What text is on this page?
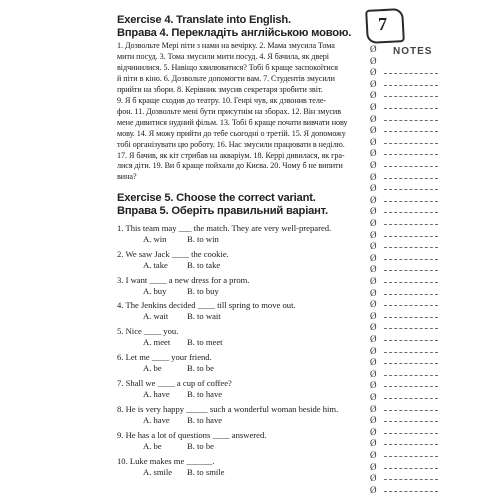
Exercise 4. Translate into English.
Вправа 4. Перекладіть англійською мовою.
1. Дозвольте Мері піти з нами на вечірку. 2. Мама змусила Тома
мити посуд. 3. Тома змусили мити посуд. 4. Я бачила, як двері
відчинилися. 5. Навіщо хвилюватися? Тобі б краще заспокоїтися
й піти в кіно. 6. Дозвольте допомогти вам. 7. Студентів змусили
прийти на збори. 8. Керівник змусив секретаря зробити звіт.
9. Я б краще сходив до театру. 10. Генрі чув, як дзвонив теле-
фон. 11. Дозвольте мені бути присутнім на зборах. 12. Він змусив
мене дивитися нудний фільм. 13. Тобі б краще почати вивчати нову
мову. 14. Я можу прийти до тебе сьогодні о третій. 15. Я допоможу
тобі організувати цю роботу. 16. Нас змусили працювати в неділю.
17. Я бачив, як кіт стрибав на акваріум. 18. Керрі дивилася, як гра-
лися діти. 19. Ви б краще пойхали до Києва. 20. Чому б не випити
вина?
Exercise 5. Choose the correct variant.
Вправа 5. Оберіть правильний варіант.
1. This team may ___ the match. They are very well-prepared.
A. win B. to win
2. We saw Jack ____ the cookie.
A. take B. to take
3. I want ____ a new dress for a prom.
A. buy B. to buy
4. The Jenkins decided ____ till spring to move out.
A. wait B. to wait
5. Nice ____ you.
A. meet B. to meet
6. Let me ____ your friend.
A. be	B. to be
7. Shall we ____ a cup of coffee?
A. have B. to have
8. He is very happy _____ such a wonderful woman beside him.
A. have B. to have
9. He has a lot of questions ____ answered.
A. be	B. to be
10. Luke makes me ______.
A. smile B. to smile
7
NOTES
Ø
Ø
Ø
Ø
Ø
Ø
Ø
Ø
Ø
Ø
Ø
Ø
Ø
Ø
Ø
Ø
Ø
Ø
Ø
Ø
Ø
Ø
Ø
Ø
Ø
Ø
Ø
Ø
Ø
Ø
Ø
Ø
Ø
Ø
Ø
Ø
Ø
Ø
Ø
